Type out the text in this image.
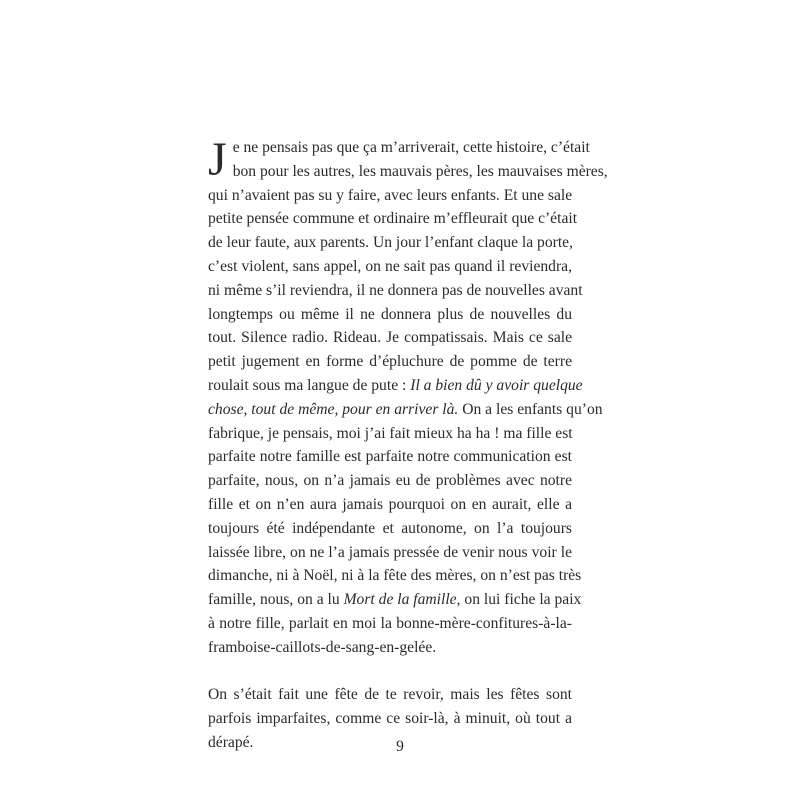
J e ne pensais pas que ça m’arriverait, cette histoire, c’était
bon pour les autres, les mauvais pères, les mauvaises mères,
qui n’avaient pas su y faire, avec leurs enfants. Et une sale
petite pensée commune et ordinaire m’effleurait que c’était
de leur faute, aux parents. Un jour l’enfant claque la porte,
c’est violent, sans appel, on ne sait pas quand il reviendra,
ni même s’il reviendra, il ne donnera pas de nouvelles avant
longtemps ou même il ne donnera plus de nouvelles du
tout. Silence radio. Rideau. Je compatissais. Mais ce sale
petit jugement en forme d’épluchure de pomme de terre
roulait sous ma langue de pute : Il a bien dû y avoir quelque
chose, tout de même, pour en arriver là. On a les enfants qu’on
fabrique, je pensais, moi j’ai fait mieux ha ha ! ma fille est
parfaite notre famille est parfaite notre communication est
parfaite, nous, on n’a jamais eu de problèmes avec notre
fille et on n’en aura jamais pourquoi on en aurait, elle a
toujours été indépendante et autonome, on l’a toujours
laissée libre, on ne l’a jamais pressée de venir nous voir le
dimanche, ni à Noël, ni à la fête des mères, on n’est pas très
famille, nous, on a lu Mort de la famille, on lui fiche la paix
à notre fille, parlait en moi la bonne-mère-confitures-à-la-
framboise-caillots-de-sang-en-gelée.
On s’était fait une fête de te revoir, mais les fêtes sont
parfois imparfaites, comme ce soir-là, à minuit, où tout a
dérapé.	9
